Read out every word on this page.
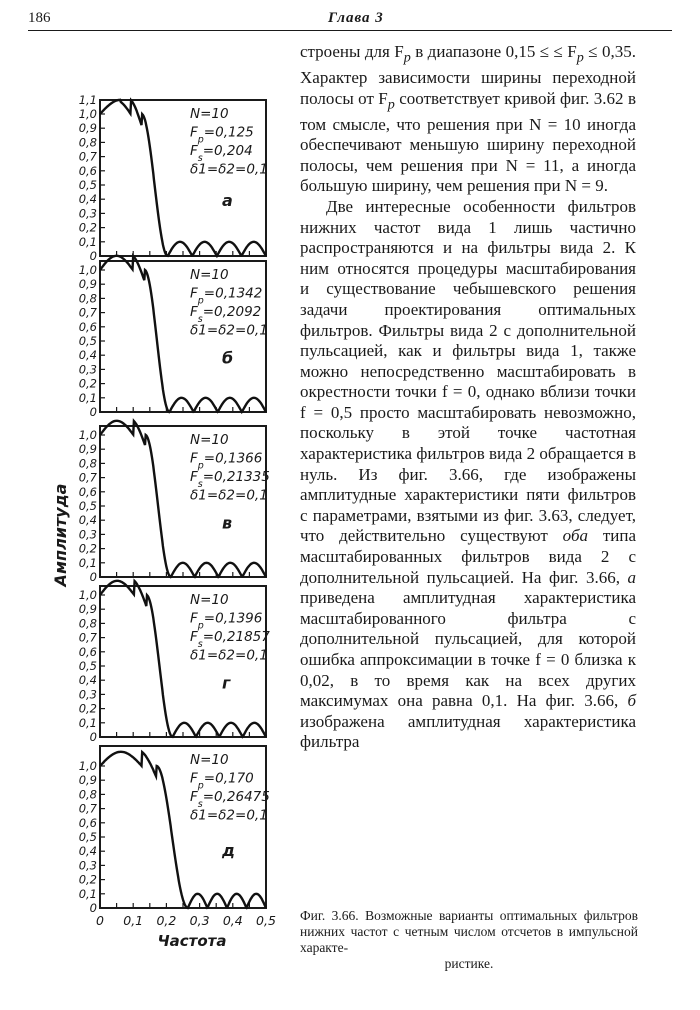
186	Глава 3
0
0,1
0,2
0,3
0,4
0,5
0,6
0,7
0,8
0,9
1,0
1,1
N=10
$F_p=0,125$
$F_s=0,204$
δ1=δ2=0,1
а
0
0,1
0,2
0,3
0,4
0,5
0,6
0,7
0,8
0,9
1,0	N=10
$F_p=0,1342$
$F_s=0,2092$
δ1=δ2=0,1
б
0
0,1
0,2
0,3
0,4
0,5
0,6
0,7
0,8
0,9
1,0	N=10
$F_p=0,1366$
$F_s=0,21335$
δ1=δ2=0,1
в
0
0,1
0,2
0,3
0,4
0,5
0,6
0,7
0,8
0,9
1,0	N=10
$F_p=0,1396$
$F_s=0,21857$
δ1=δ2=0,1
г
0
0,1
0,2
0,3
0,4
0,5
0,6
0,7
0,8
0,9
1,0	N=10
$F_p=0,170$
$F_s=0,26475$
δ1=δ2=0,1
д
0 0,1 0,2 0,3 0,4 0,5
Частота
Амплитуда

строены для $F_p$ в диапазоне 0,15 ≤ ≤ $F_p \le 0,35$. Характер зависимости ширины переходной полосы от $F_p$ соответствует кривой фиг. 3.62 в том смысле, что решения при N = 10 иногда обеспечивают меньшую ширину переходной полосы, чем решения при N = 11, а иногда большую ширину, чем решения при N = 9.

Две интересные особенности фильтров нижних частот вида 1 лишь частично распространяются и на фильтры вида 2. К ним относятся процедуры масштабирования и существование чебышевского решения задачи проектирования оптимальных фильтров. Фильтры вида 2 с дополнительной пульсацией, как и фильтры вида 1, также можно непосредственно масштабировать в окрестности точки f = 0, однако вблизи точки f = 0,5 просто масштабировать невозможно, поскольку в этой точке частотная характеристика фильтров вида 2 обращается в нуль. Из фиг. 3.66, где изображены амплитудные характеристики пяти фильтров с параметрами, взятыми из фиг. 3.63, следует, что действительно существуют оба типа масштабированных фильтров вида 2 с дополнительной пульсацией. На фиг. 3.66, а приведена амплитудная характеристика масштабированного фильтра с дополнительной пульсацией, для которой ошибка аппроксимации в точке f = 0 близка к 0,02, в то время как на всех других максимумах она равна 0,1. На фиг. 3.66, б изображена амплитудная характеристика фильтра

Фиг. 3.66. Возможные варианты оптимальных фильтров нижних частот с четным числом отсчетов в импульсной характе-
ристике.
